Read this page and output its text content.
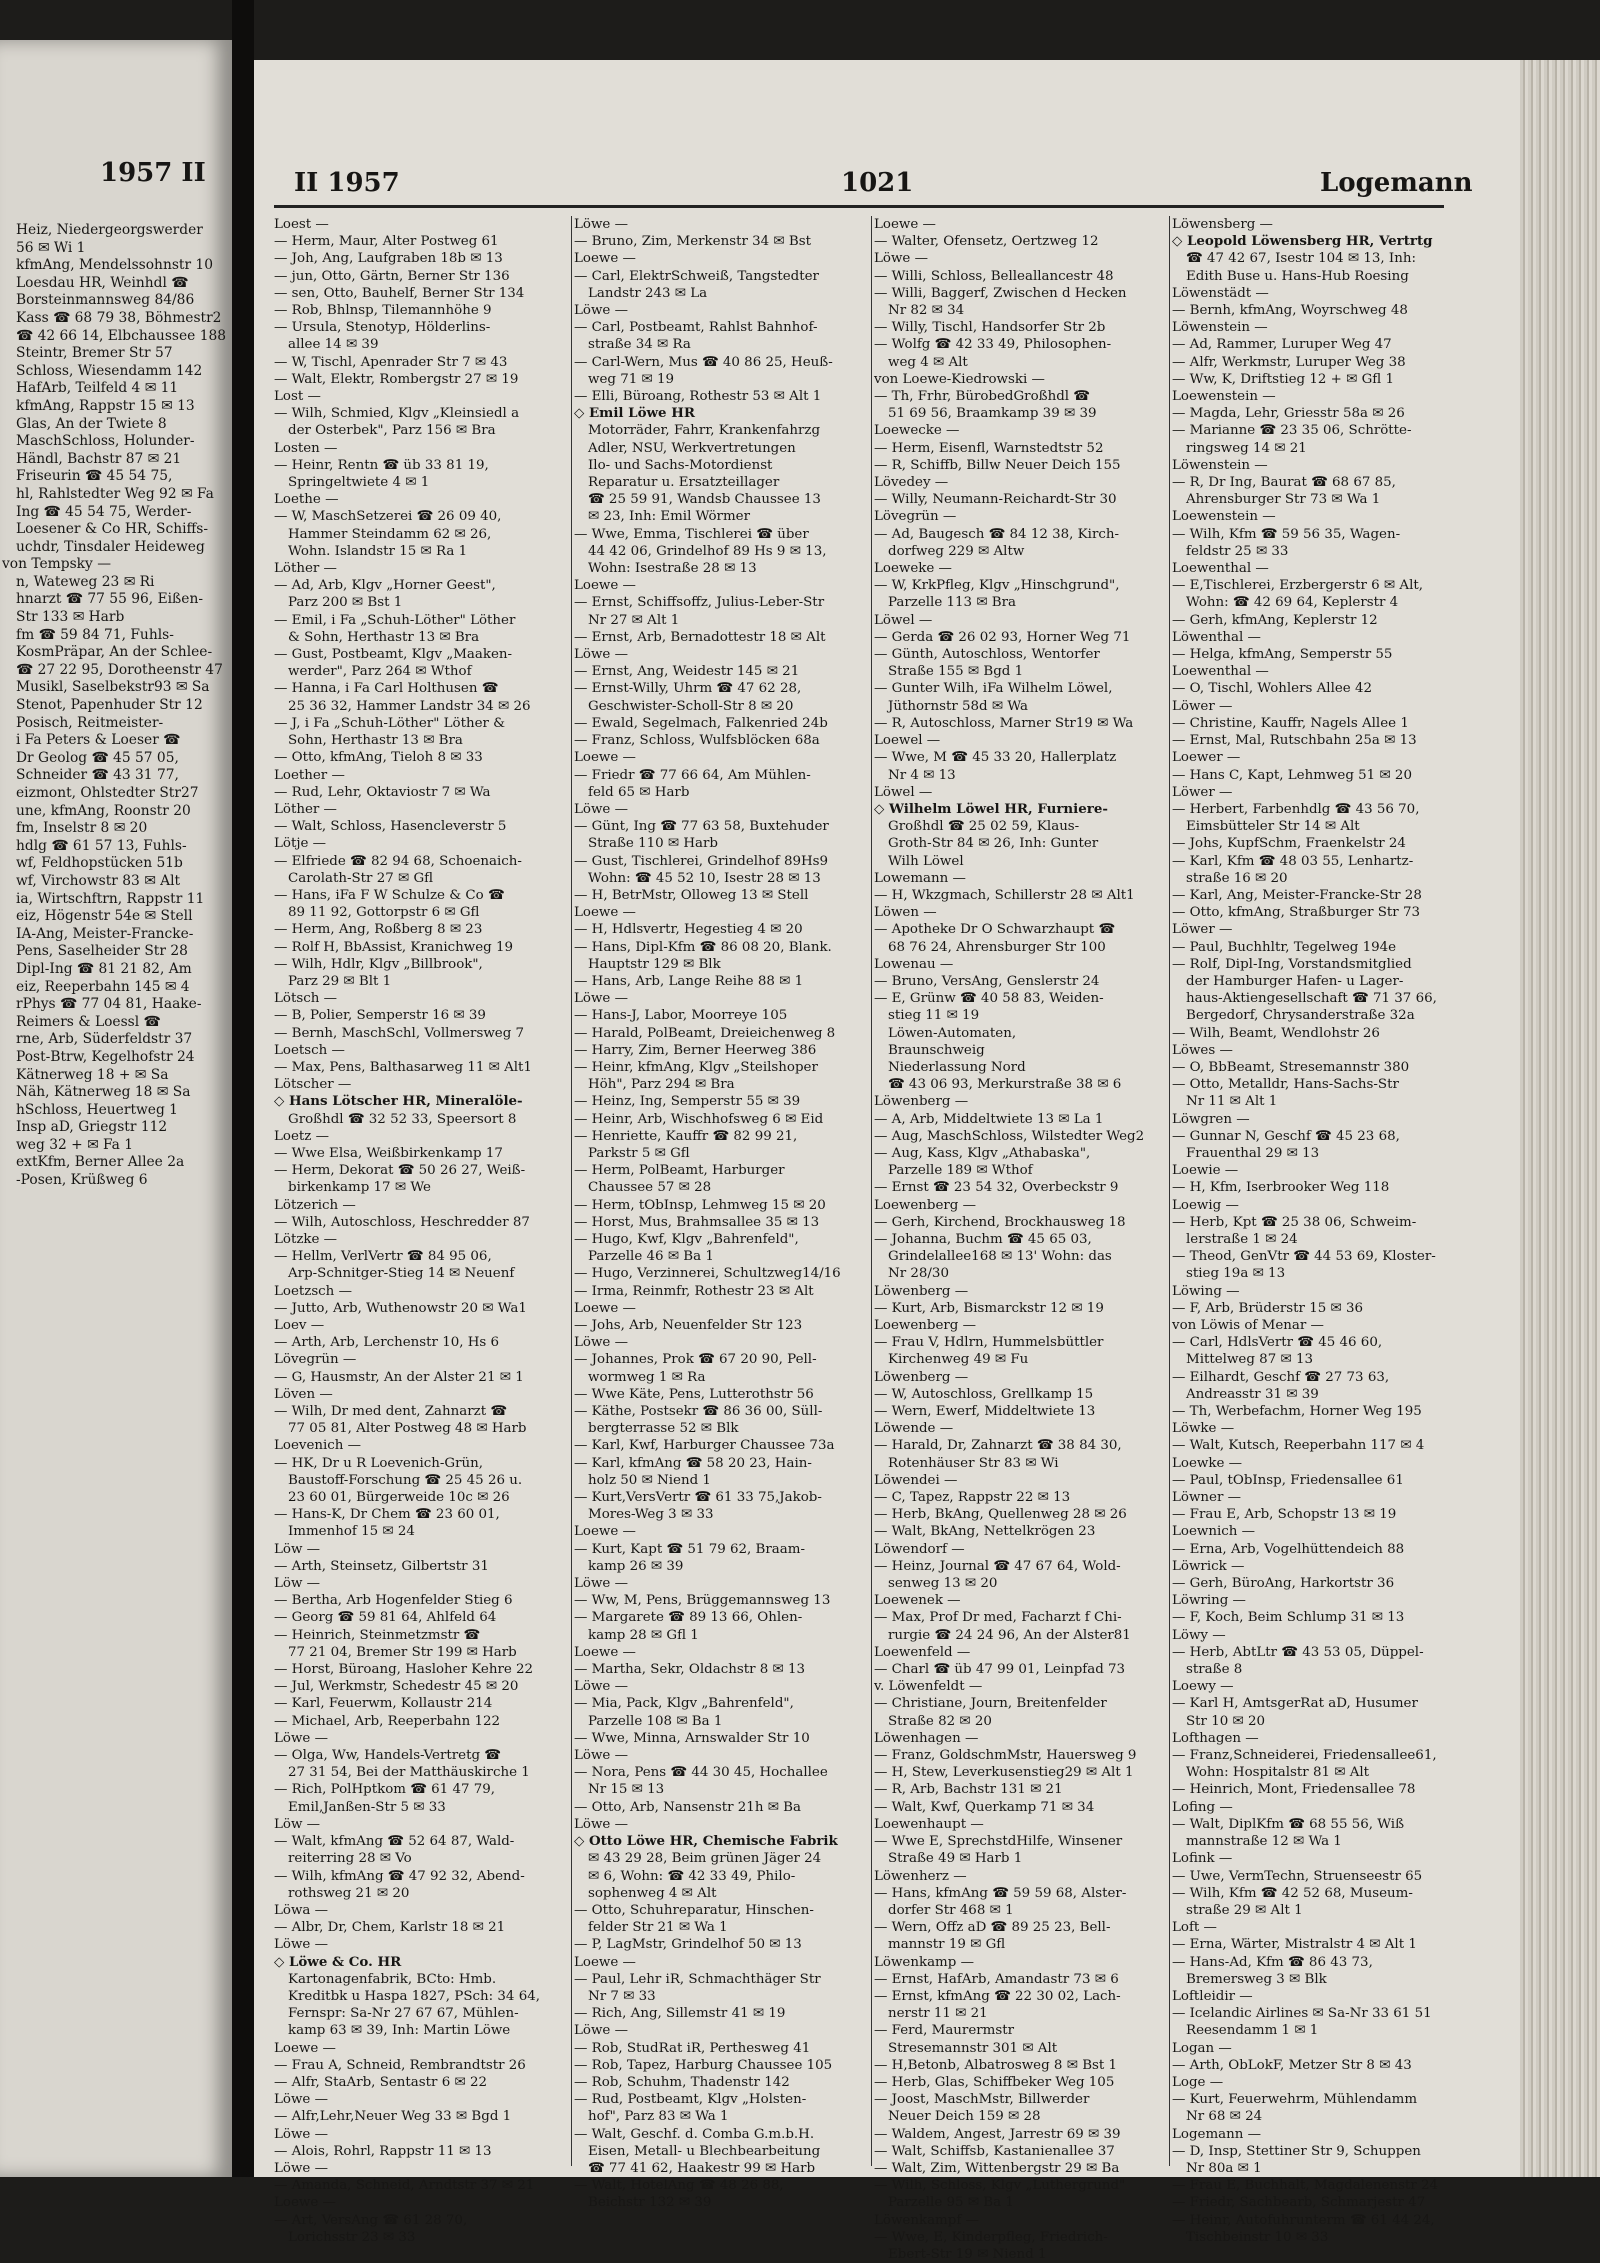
1957 II
Heiz, Niedergeorgswerder
56 ✉ Wi 1
kfmAng, Mendelssohnstr 10
Loesdau HR, Weinhdl ☎
Borsteinmannsweg 84/86
Kass ☎ 68 79 38, Böhmestr2
☎ 42 66 14, Elbchaussee 188
Steintr, Bremer Str 57
Schloss, Wiesendamm 142
HafArb, Teilfeld 4 ✉ 11
kfmAng, Rappstr 15 ✉ 13
Glas, An der Twiete 8
MaschSchloss, Holunder-
Händl, Bachstr 87 ✉ 21
Friseurin ☎ 45 54 75,
hl, Rahlstedter Weg 92 ✉ Fa
Ing ☎ 45 54 75, Werder-
Loesener & Co HR, Schiffs-
uchdr, Tinsdaler Heideweg
von Tempsky —
n, Wateweg 23 ✉ Ri
hnarzt ☎ 77 55 96, Eißen-
Str 133 ✉ Harb
fm ☎ 59 84 71, Fuhls-
KosmPräpar, An der Schlee-
☎ 27 22 95, Dorotheenstr 47
Musikl, Saselbekstr93 ✉ Sa
Stenot, Papenhuder Str 12
Posisch, Reitmeister-
i Fa Peters & Loeser ☎
Dr Geolog ☎ 45 57 05,
Schneider ☎ 43 31 77,
eizmont, Ohlstedter Str27
une, kfmAng, Roonstr 20
fm, Inselstr 8 ✉ 20
hdlg ☎ 61 57 13, Fuhls-
wf, Feldhopstücken 51b
wf, Virchowstr 83 ✉ Alt
ia, Wirtschftrn, Rappstr 11
eiz, Högenstr 54e ✉ Stell
IA-Ang, Meister-Francke-
Pens, Saselheider Str 28
Dipl-Ing ☎ 81 21 82, Am
eiz, Reeperbahn 145 ✉ 4
rPhys ☎ 77 04 81, Haake-
Reimers & Loessl ☎
rne, Arb, Süderfeldstr 37
Post-Btrw, Kegelhofstr 24
Kätnerweg 18 + ✉ Sa
Näh, Kätnerweg 18 ✉ Sa
hSchloss, Heuertweg 1
Insp aD, Griegstr 112
weg 32 + ✉ Fa 1
extKfm, Berner Allee 2a
-Posen, Krüßweg 6
II 1957	1021	Logemann
Loest —
— Herm, Maur, Alter Postweg 61
— Joh, Ang, Laufgraben 18b ✉ 13
— jun, Otto, Gärtn, Berner Str 136
— sen, Otto, Bauhelf, Berner Str 134
— Rob, Bhlnsp, Tilemannhöhe 9
— Ursula, Stenotyp, Hölderlins-
allee 14 ✉ 39
— W, Tischl, Apenrader Str 7 ✉ 43
— Walt, Elektr, Rombergstr 27 ✉ 19
Lost —
— Wilh, Schmied, Klgv „Kleinsiedl a
der Osterbek", Parz 156 ✉ Bra
Losten —
— Heinr, Rentn ☎ üb 33 81 19,
Springeltwiete 4 ✉ 1
Loethe —
— W, MaschSetzerei ☎ 26 09 40,
Hammer Steindamm 62 ✉ 26,
Wohn. Islandstr 15 ✉ Ra 1
Löther —
— Ad, Arb, Klgv „Horner Geest",
Parz 200 ✉ Bst 1
— Emil, i Fa „Schuh-Löther" Löther
& Sohn, Herthastr 13 ✉ Bra
— Gust, Postbeamt, Klgv „Maaken-
werder", Parz 264 ✉ Wthof
— Hanna, i Fa Carl Holthusen ☎
25 36 32, Hammer Landstr 34 ✉ 26
— J, i Fa „Schuh-Löther" Löther &
Sohn, Herthastr 13 ✉ Bra
— Otto, kfmAng, Tieloh 8 ✉ 33
Loether —
— Rud, Lehr, Oktaviostr 7 ✉ Wa
Löther —
— Walt, Schloss, Hasencleverstr 5
Lötje —
— Elfriede ☎ 82 94 68, Schoenaich-
Carolath-Str 27 ✉ Gfl
— Hans, iFa F W Schulze & Co ☎
89 11 92, Gottorpstr 6 ✉ Gfl
— Herm, Ang, Roßberg 8 ✉ 23
— Rolf H, BbAssist, Kranichweg 19
— Wilh, Hdlr, Klgv „Billbrook",
Parz 29 ✉ Blt 1
Lötsch —
— B, Polier, Semperstr 16 ✉ 39
— Bernh, MaschSchl, Vollmersweg 7
Loetsch —
— Max, Pens, Balthasarweg 11 ✉ Alt1
Lötscher —
◇ Hans Lötscher HR, Mineralöle-
Großhdl ☎ 32 52 33, Speersort 8
Loetz —
— Wwe Elsa, Weißbirkenkamp 17
— Herm, Dekorat ☎ 50 26 27, Weiß-
birkenkamp 17 ✉ We
Lötzerich —
— Wilh, Autoschloss, Heschredder 87
Lötzke —
— Hellm, VerlVertr ☎ 84 95 06,
Arp-Schnitger-Stieg 14 ✉ Neuenf
Loetzsch —
— Jutto, Arb, Wuthenowstr 20 ✉ Wa1
Loev —
— Arth, Arb, Lerchenstr 10, Hs 6
Lövegrün —
— G, Hausmstr, An der Alster 21 ✉ 1
Löven —
— Wilh, Dr med dent, Zahnarzt ☎
77 05 81, Alter Postweg 48 ✉ Harb
Loevenich —
— HK, Dr u R Loevenich-Grün,
Baustoff-Forschung ☎ 25 45 26 u.
23 60 01, Bürgerweide 10c ✉ 26
— Hans-K, Dr Chem ☎ 23 60 01,
Immenhof 15 ✉ 24
Löw —
— Arth, Steinsetz, Gilbertstr 31
Löw —
— Bertha, Arb Hogenfelder Stieg 6
— Georg ☎ 59 81 64, Ahlfeld 64
— Heinrich, Steinmetzmstr ☎
77 21 04, Bremer Str 199 ✉ Harb
— Horst, Büroang, Hasloher Kehre 22
— Jul, Werkmstr, Schedestr 45 ✉ 20
— Karl, Feuerwm, Kollaustr 214
— Michael, Arb, Reeperbahn 122
Löwe —
— Olga, Ww, Handels-Vertretg ☎
27 31 54, Bei der Matthäuskirche 1
— Rich, PolHptkom ☎ 61 47 79,
Emil,Janßen-Str 5 ✉ 33
Löw —
— Walt, kfmAng ☎ 52 64 87, Wald-
reiterring 28 ✉ Vo
— Wilh, kfmAng ☎ 47 92 32, Abend-
rothsweg 21 ✉ 20
Löwa —
— Albr, Dr, Chem, Karlstr 18 ✉ 21
Löwe —
◇ Löwe & Co. HR
Kartonagenfabrik, BCto: Hmb.
Kreditbk u Haspa 1827, PSch: 34 64,
Fernspr: Sa-Nr 27 67 67, Mühlen-
kamp 63 ✉ 39, Inh: Martin Löwe
Loewe —
— Frau A, Schneid, Rembrandtstr 26
— Alfr, StaArb, Sentastr 6 ✉ 22
Löwe —
— Alfr,Lehr,Neuer Weg 33 ✉ Bgd 1
Löwe —
— Alois, Rohrl, Rappstr 11 ✉ 13
Löwe —
— Amanda, Schneid, Arndtstr 37 ✉ 21
Loewe —
— Art, VersAng ☎ 61 28 70,
Lorichsstr 23 ✉ 33
Löwe —
— Bruno, Zim, Merkenstr 34 ✉ Bst
Loewe —
— Carl, ElektrSchweiß, Tangstedter
Landstr 243 ✉ La
Löwe —
— Carl, Postbeamt, Rahlst Bahnhof-
straße 34 ✉ Ra
— Carl-Wern, Mus ☎ 40 86 25, Heuß-
weg 71 ✉ 19
— Elli, Büroang, Rothestr 53 ✉ Alt 1
◇ Emil Löwe HR
Motorräder, Fahrr, Krankenfahrzg
Adler, NSU, Werkvertretungen
Ilo- und Sachs-Motordienst
Reparatur u. Ersatzteillager
☎ 25 59 91, Wandsb Chaussee 13
✉ 23, Inh: Emil Wörmer
— Wwe, Emma, Tischlerei ☎ über
44 42 06, Grindelhof 89 Hs 9 ✉ 13,
Wohn: Isestraße 28 ✉ 13
Loewe —
— Ernst, Schiffsoffz, Julius-Leber-Str
Nr 27 ✉ Alt 1
— Ernst, Arb, Bernadottestr 18 ✉ Alt
Löwe —
— Ernst, Ang, Weidestr 145 ✉ 21
— Ernst-Willy, Uhrm ☎ 47 62 28,
Geschwister-Scholl-Str 8 ✉ 20
— Ewald, Segelmach, Falkenried 24b
— Franz, Schloss, Wulfsblöcken 68a
Loewe —
— Friedr ☎ 77 66 64, Am Mühlen-
feld 65 ✉ Harb
Löwe —
— Günt, Ing ☎ 77 63 58, Buxtehuder
Straße 110 ✉ Harb
— Gust, Tischlerei, Grindelhof 89Hs9
Wohn: ☎ 45 52 10, Isestr 28 ✉ 13
— H, BetrMstr, Olloweg 13 ✉ Stell
Loewe —
— H, Hdlsvertr, Hegestieg 4 ✉ 20
— Hans, Dipl-Kfm ☎ 86 08 20, Blank.
Hauptstr 129 ✉ Blk
— Hans, Arb, Lange Reihe 88 ✉ 1
Löwe —
— Hans-J, Labor, Moorreye 105
— Harald, PolBeamt, Dreieichenweg 8
— Harry, Zim, Berner Heerweg 386
— Heinr, kfmAng, Klgv „Steilshoper
Höh", Parz 294 ✉ Bra
— Heinz, Ing, Semperstr 55 ✉ 39
— Heinr, Arb, Wischhofsweg 6 ✉ Eid
— Henriette, Kauffr ☎ 82 99 21,
Parkstr 5 ✉ Gfl
— Herm, PolBeamt, Harburger
Chaussee 57 ✉ 28
— Herm, tObInsp, Lehmweg 15 ✉ 20
— Horst, Mus, Brahmsallee 35 ✉ 13
— Hugo, Kwf, Klgv „Bahrenfeld",
Parzelle 46 ✉ Ba 1
— Hugo, Verzinnerei, Schultzweg14/16
— Irma, Reinmfr, Rothestr 23 ✉ Alt
Loewe —
— Johs, Arb, Neuenfelder Str 123
Löwe —
— Johannes, Prok ☎ 67 20 90, Pell-
wormweg 1 ✉ Ra
— Wwe Käte, Pens, Lutterothstr 56
— Käthe, Postsekr ☎ 86 36 00, Süll-
bergterrasse 52 ✉ Blk
— Karl, Kwf, Harburger Chaussee 73a
— Karl, kfmAng ☎ 58 20 23, Hain-
holz 50 ✉ Niend 1
— Kurt,VersVertr ☎ 61 33 75,Jakob-
Mores-Weg 3 ✉ 33
Loewe —
— Kurt, Kapt ☎ 51 79 62, Braam-
kamp 26 ✉ 39
Löwe —
— Ww, M, Pens, Brüggemannsweg 13
— Margarete ☎ 89 13 66, Ohlen-
kamp 28 ✉ Gfl 1
Loewe —
— Martha, Sekr, Oldachstr 8 ✉ 13
Löwe —
— Mia, Pack, Klgv „Bahrenfeld",
Parzelle 108 ✉ Ba 1
— Wwe, Minna, Arnswalder Str 10
Löwe —
— Nora, Pens ☎ 44 30 45, Hochallee
Nr 15 ✉ 13
— Otto, Arb, Nansenstr 21h ✉ Ba
Löwe —
◇ Otto Löwe HR, Chemische Fabrik
✉ 43 29 28, Beim grünen Jäger 24
✉ 6, Wohn: ☎ 42 33 49, Philo-
sophenweg 4 ✉ Alt
— Otto, Schuhreparatur, Hinschen-
felder Str 21 ✉ Wa 1
— P, LagMstr, Grindelhof 50 ✉ 13
Loewe —
— Paul, Lehr iR, Schmachthäger Str
Nr 7 ✉ 33
— Rich, Ang, Sillemstr 41 ✉ 19
Löwe —
— Rob, StudRat iR, Perthesweg 41
— Rob, Tapez, Harburg Chaussee 105
— Rob, Schuhm, Thadenstr 142
— Rud, Postbeamt, Klgv „Holsten-
hof", Parz 83 ✉ Wa 1
— Walt, Geschf. d. Comba G.m.b.H.
Eisen, Metall- u Blechbearbeitung
☎ 77 41 62, Haakestr 99 ✉ Harb
— Walt, HotelAng ☎ 48 26 88,
Beichstr 132 ✉ 39
Loewe —
— Walter, Ofensetz, Oertzweg 12
Löwe —
— Willi, Schloss, Belleallancestr 48
— Willi, Baggerf, Zwischen d Hecken
Nr 82 ✉ 34
— Willy, Tischl, Handsorfer Str 2b
— Wolfg ☎ 42 33 49, Philosophen-
weg 4 ✉ Alt
von Loewe-Kiedrowski —
— Th, Frhr, BürobedGroßhdl ☎
51 69 56, Braamkamp 39 ✉ 39
Loewecke —
— Herm, Eisenfl, Warnstedtstr 52
— R, Schiffb, Billw Neuer Deich 155
Lövedey —
— Willy, Neumann-Reichardt-Str 30
Lövegrün —
— Ad, Baugesch ☎ 84 12 38, Kirch-
dorfweg 229 ✉ Altw
Loeweke —
— W, KrkPfleg, Klgv „Hinschgrund",
Parzelle 113 ✉ Bra
Löwel —
— Gerda ☎ 26 02 93, Horner Weg 71
— Günth, Autoschloss, Wentorfer
Straße 155 ✉ Bgd 1
— Gunter Wilh, iFa Wilhelm Löwel,
Jüthornstr 58d ✉ Wa
— R, Autoschloss, Marner Str19 ✉ Wa
Loewel —
— Wwe, M ☎ 45 33 20, Hallerplatz
Nr 4 ✉ 13
Löwel —
◇ Wilhelm Löwel HR, Furniere-
Großhdl ☎ 25 02 59, Klaus-
Groth-Str 84 ✉ 26, Inh: Gunter
Wilh Löwel
Lowemann —
— H, Wkzgmach, Schillerstr 28 ✉ Alt1
Löwen —
— Apotheke Dr O Schwarzhaupt ☎
68 76 24, Ahrensburger Str 100
Lowenau —
— Bruno, VersAng, Genslerstr 24
— E, Grünw ☎ 40 58 83, Weiden-
stieg 11 ✉ 19
Löwen-Automaten,
Braunschweig
Niederlassung Nord
☎ 43 06 93, Merkurstraße 38 ✉ 6
Löwenberg —
— A, Arb, Middeltwiete 13 ✉ La 1
— Aug, MaschSchloss, Wilstedter Weg2
— Aug, Kass, Klgv „Athabaska",
Parzelle 189 ✉ Wthof
— Ernst ☎ 23 54 32, Overbeckstr 9
Loewenberg —
— Gerh, Kirchend, Brockhausweg 18
— Johanna, Buchm ☎ 45 65 03,
Grindelallee168 ✉ 13' Wohn: das
Nr 28/30
Löwenberg —
— Kurt, Arb, Bismarckstr 12 ✉ 19
Loewenberg —
— Frau V, Hdlrn, Hummelsbüttler
Kirchenweg 49 ✉ Fu
Löwenberg —
— W, Autoschloss, Grellkamp 15
— Wern, Ewerf, Middeltwiete 13
Löwende —
— Harald, Dr, Zahnarzt ☎ 38 84 30,
Rotenhäuser Str 83 ✉ Wi
Löwendei —
— C, Tapez, Rappstr 22 ✉ 13
— Herb, BkAng, Quellenweg 28 ✉ 26
— Walt, BkAng, Nettelkrögen 23
Löwendorf —
— Heinz, Journal ☎ 47 67 64, Wold-
senweg 13 ✉ 20
Loewenek —
— Max, Prof Dr med, Facharzt f Chi-
rurgie ☎ 24 24 96, An der Alster81
Loewenfeld —
— Charl ☎ üb 47 99 01, Leinpfad 73
v. Löwenfeldt —
— Christiane, Journ, Breitenfelder
Straße 82 ✉ 20
Löwenhagen —
— Franz, GoldschmMstr, Hauersweg 9
— H, Stew, Leverkusenstieg29 ✉ Alt 1
— R, Arb, Bachstr 131 ✉ 21
— Walt, Kwf, Querkamp 71 ✉ 34
Loewenhaupt —
— Wwe E, SprechstdHilfe, Winsener
Straße 49 ✉ Harb 1
Löwenherz —
— Hans, kfmAng ☎ 59 59 68, Alster-
dorfer Str 468 ✉ 1
— Wern, Offz aD ☎ 89 25 23, Bell-
mannstr 19 ✉ Gfl
Löwenkamp —
— Ernst, HafArb, Amandastr 73 ✉ 6
— Ernst, kfmAng ☎ 22 30 02, Lach-
nerstr 11 ✉ 21
— Ferd, Maurermstr
Stresemannstr 301 ✉ Alt
— H,Betonb, Albatrosweg 8 ✉ Bst 1
— Herb, Glas, Schiffbeker Weg 105
— Joost, MaschMstr, Billwerder
Neuer Deich 159 ✉ 28
— Waldem, Angest, Jarrestr 69 ✉ 39
— Walt, Schiffsb, Kastanienallee 37
— Walt, Zim, Wittenbergstr 29 ✉ Ba
— Wilh, Schloss, Klgv „Luthergrund"
Parzelle 95 ✉ Ba 1
Löwenkampf —
— Wwe, E, Kinderpfleg, Friedrich-
Ebert-Str 19 ✉ Niend 1
Löwensberg —
◇ Leopold Löwensberg HR, Vertrtg
☎ 47 42 67, Isestr 104 ✉ 13, Inh:
Edith Buse u. Hans-Hub Roesing
Löwenstädt —
— Bernh, kfmAng, Woyrschweg 48
Löwenstein —
— Ad, Rammer, Luruper Weg 47
— Alfr, Werkmstr, Luruper Weg 38
— Ww, K, Driftstieg 12 + ✉ Gfl 1
Loewenstein —
— Magda, Lehr, Griesstr 58a ✉ 26
— Marianne ☎ 23 35 06, Schrötte-
ringsweg 14 ✉ 21
Löwenstein —
— R, Dr Ing, Baurat ☎ 68 67 85,
Ahrensburger Str 73 ✉ Wa 1
Loewenstein —
— Wilh, Kfm ☎ 59 56 35, Wagen-
feldstr 25 ✉ 33
Loewenthal —
— E,Tischlerei, Erzbergerstr 6 ✉ Alt,
Wohn: ☎ 42 69 64, Keplerstr 4
— Gerh, kfmAng, Keplerstr 12
Löwenthal —
— Helga, kfmAng, Semperstr 55
Loewenthal —
— O, Tischl, Wohlers Allee 42
Löwer —
— Christine, Kauffr, Nagels Allee 1
— Ernst, Mal, Rutschbahn 25a ✉ 13
Loewer —
— Hans C, Kapt, Lehmweg 51 ✉ 20
Löwer —
— Herbert, Farbenhdlg ☎ 43 56 70,
Eimsbütteler Str 14 ✉ Alt
— Johs, KupfSchm, Fraenkelstr 24
— Karl, Kfm ☎ 48 03 55, Lenhartz-
straße 16 ✉ 20
— Karl, Ang, Meister-Francke-Str 28
— Otto, kfmAng, Straßburger Str 73
Löwer —
— Paul, Buchhltr, Tegelweg 194e
— Rolf, Dipl-Ing, Vorstandsmitglied
der Hamburger Hafen- u Lager-
haus-Aktiengesellschaft ☎ 71 37 66,
Bergedorf, Chrysanderstraße 32a
— Wilh, Beamt, Wendlohstr 26
Löwes —
— O, BbBeamt, Stresemannstr 380
— Otto, Metalldr, Hans-Sachs-Str
Nr 11 ✉ Alt 1
Löwgren —
— Gunnar N, Geschf ☎ 45 23 68,
Frauenthal 29 ✉ 13
Loewie —
— H, Kfm, Iserbrooker Weg 118
Loewig —
— Herb, Kpt ☎ 25 38 06, Schweim-
lerstraße 1 ✉ 24
— Theod, GenVtr ☎ 44 53 69, Kloster-
stieg 19a ✉ 13
Löwing —
— F, Arb, Brüderstr 15 ✉ 36
von Löwis of Menar —
— Carl, HdlsVertr ☎ 45 46 60,
Mittelweg 87 ✉ 13
— Eilhardt, Geschf ☎ 27 73 63,
Andreasstr 31 ✉ 39
— Th, Werbefachm, Horner Weg 195
Löwke —
— Walt, Kutsch, Reeperbahn 117 ✉ 4
Loewke —
— Paul, tObInsp, Friedensallee 61
Löwner —
— Frau E, Arb, Schopstr 13 ✉ 19
Loewnich —
— Erna, Arb, Vogelhüttendeich 88
Löwrick —
— Gerh, BüroAng, Harkortstr 36
Löwring —
— F, Koch, Beim Schlump 31 ✉ 13
Löwy —
— Herb, AbtLtr ☎ 43 53 05, Düppel-
straße 8
Loewy —
— Karl H, AmtsgerRat aD, Husumer
Str 10 ✉ 20
Lofthagen —
— Franz,Schneiderei, Friedensallee61,
Wohn: Hospitalstr 81 ✉ Alt
— Heinrich, Mont, Friedensallee 78
Lofing —
— Walt, DiplKfm ☎ 68 55 56, Wiß
mannstraße 12 ✉ Wa 1
Lofink —
— Uwe, VermTechn, Struenseestr 65
— Wilh, Kfm ☎ 42 52 68, Museum-
straße 29 ✉ Alt 1
Loft —
— Erna, Wärter, Mistralstr 4 ✉ Alt 1
— Hans-Ad, Kfm ☎ 86 43 73,
Bremersweg 3 ✉ Blk
Loftleidir —
— Icelandic Airlines ✉ Sa-Nr 33 61 51
Reesendamm 1 ✉ 1
Logan —
— Arth, ObLokF, Metzer Str 8 ✉ 43
Loge —
— Kurt, Feuerwehrm, Mühlendamm
Nr 68 ✉ 24
Logemann —
— D, Insp, Stettiner Str 9, Schuppen
Nr 80a ✉ 1
— Frau E, Buchhalt, Magdalenenstr 24
— Friedr, Sachbearb, Schmarjestr 47
— Heinr, Autofuhrunterm ☎ 61 44 24,
Tischbeinstr 10 ✉ 33
